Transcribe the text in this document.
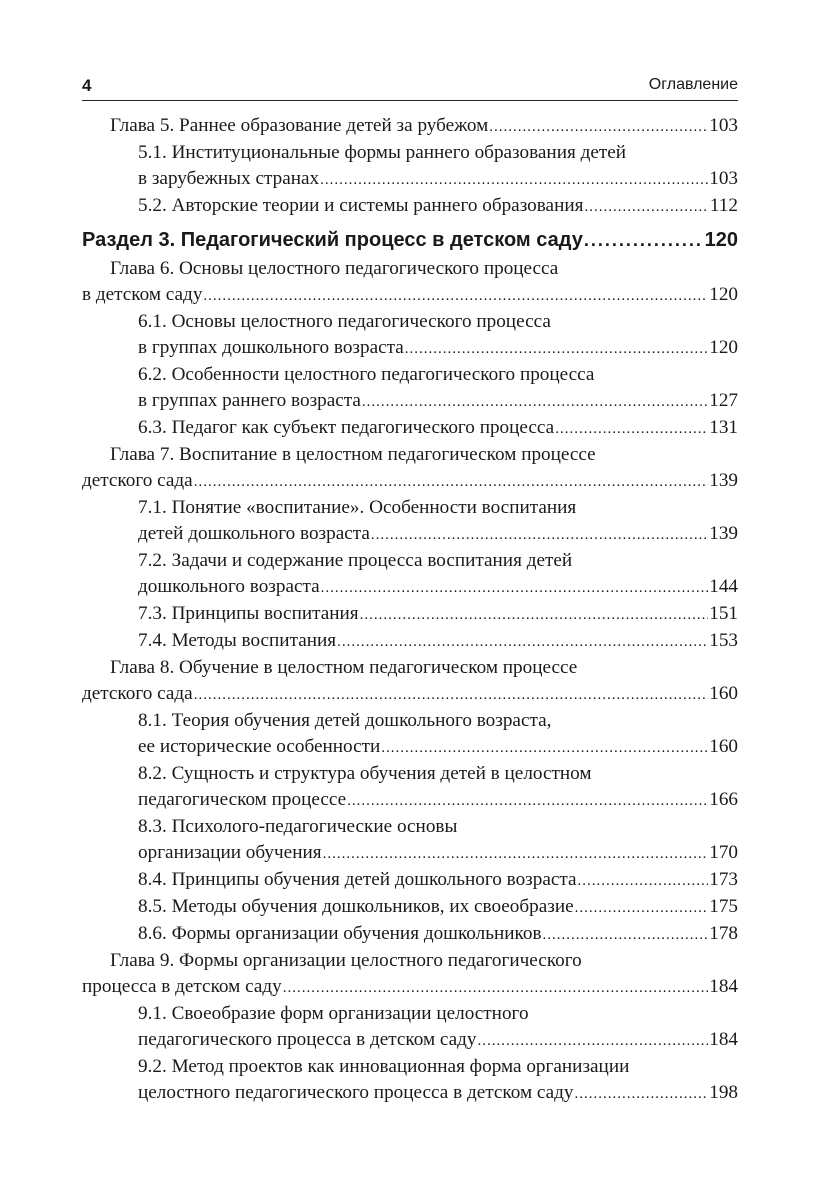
4	Оглавление
Глава 5. Раннее образование детей за рубежом .....	103
5.1. Институциональные формы раннего образования детей
в зарубежных странах .....	103
5.2. Авторские теории и системы раннего образования .....	112
Раздел 3. Педагогический процесс в детском саду .....	120
Глава 6. Основы целостного педагогического процесса
в детском саду .....	120
6.1. Основы целостного педагогического процесса
в группах дошкольного возраста .....	120
6.2. Особенности целостного педагогического процесса
в группах раннего возраста .....	127
6.3. Педагог как субъект педагогического процесса .....	131
Глава 7. Воспитание в целостном педагогическом процессе
детского сада .....	139
7.1. Понятие «воспитание». Особенности воспитания
детей дошкольного возраста .....	139
7.2. Задачи и содержание процесса воспитания детей
дошкольного возраста .....	144
7.3. Принципы воспитания .....	151
7.4. Методы воспитания .....	153
Глава 8. Обучение в целостном педагогическом процессе
детского сада .....	160
8.1. Теория обучения детей дошкольного возраста,
ее исторические особенности .....	160
8.2. Сущность и структура обучения детей в целостном
педагогическом процессе .....	166
8.3. Психолого-педагогические основы
организации обучения .....	170
8.4. Принципы обучения детей дошкольного возраста .....	173
8.5. Методы обучения дошкольников, их своеобразие .....	175
8.6. Формы организации обучения дошкольников .....	178
Глава 9. Формы организации целостного педагогического
процесса в детском саду .....	184
9.1. Своеобразие форм организации целостного
педагогического процесса в детском саду .....	184
9.2. Метод проектов как инновационная форма организации
целостного педагогического процесса в детском саду .....	198
